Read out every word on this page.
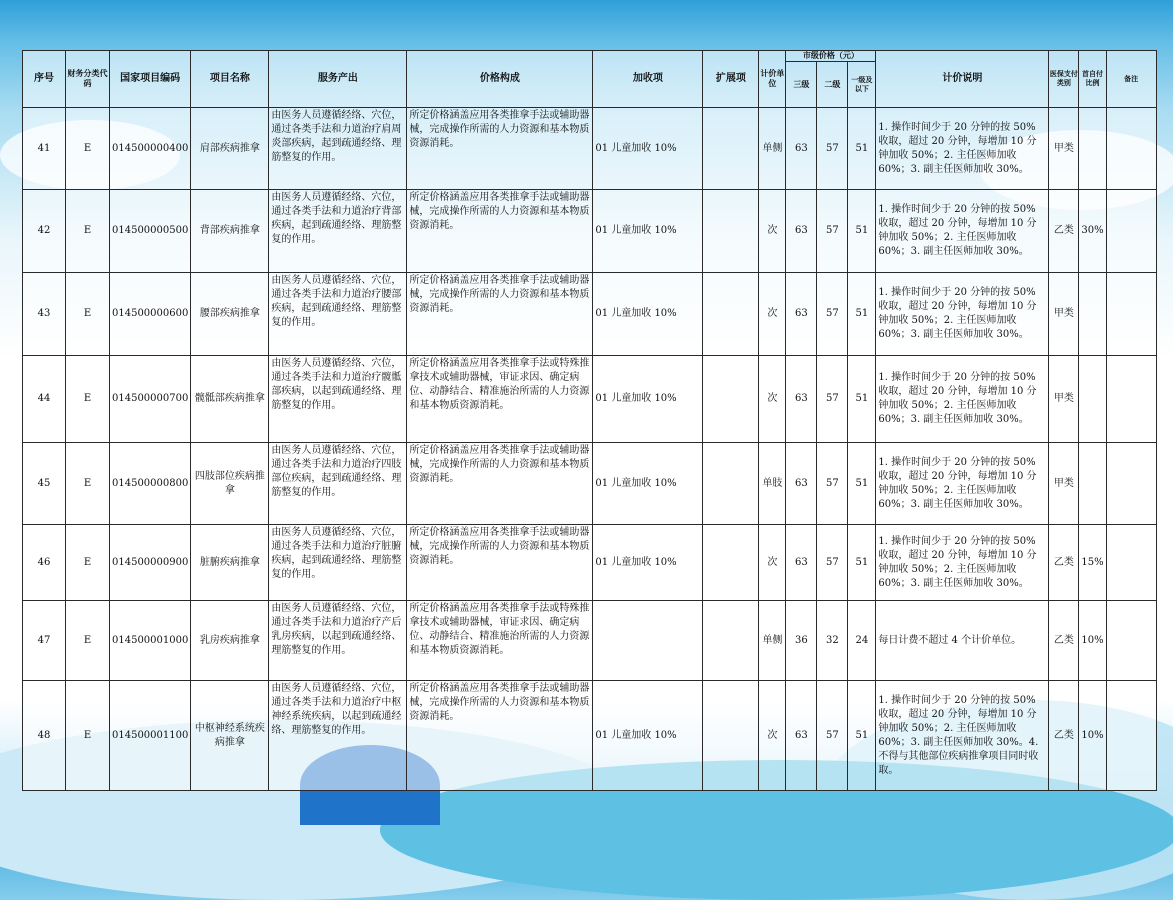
序号	财务分类代码	国家项目编码	项目名称	服务产出	价格构成	加收项	扩展项	计价单位	市级价格（元）			计价说明	医保支付类别	首自付比例	备注
									三级	二级	一级及以下				
41	E	014500000400	肩部疾病推拿	由医务人员遵循经络、穴位，通过各类手法和力道治疗肩周炎部疾病，起到疏通经络、理筋整复的作用。	所定价格涵盖应用各类推拿手法或辅助器械，完成操作所需的人力资源和基本物质资源消耗。	01 儿童加收 10%		单侧	63	57	51	1. 操作时间少于 20 分钟的按 50% 收取，超过 20 分钟，每增加 10 分钟加收 50%；2. 主任医师加收 60%；3. 副主任医师加收 30%。	甲类		
42	E	014500000500	背部疾病推拿	由医务人员遵循经络、穴位，通过各类手法和力道治疗背部疾病，起到疏通经络、理筋整复的作用。	所定价格涵盖应用各类推拿手法或辅助器械，完成操作所需的人力资源和基本物质资源消耗。	01 儿童加收 10%		次	63	57	51	1. 操作时间少于 20 分钟的按 50% 收取，超过 20 分钟，每增加 10 分钟加收 50%；2. 主任医师加收 60%；3. 副主任医师加收 30%。	乙类	30%	
43	E	014500000600	腰部疾病推拿	由医务人员遵循经络、穴位，通过各类手法和力道治疗腰部疾病，起到疏通经络、理筋整复的作用。	所定价格涵盖应用各类推拿手法或辅助器械，完成操作所需的人力资源和基本物质资源消耗。	01 儿童加收 10%		次	63	57	51	1. 操作时间少于 20 分钟的按 50% 收取，超过 20 分钟，每增加 10 分钟加收 50%；2. 主任医师加收 60%；3. 副主任医师加收 30%。	甲类		
44	E	014500000700	髋骶部疾病推拿	由医务人员遵循经络、穴位，通过各类手法和力道治疗髋骶部疾病，以起到疏通经络、理筋整复的作用。	所定价格涵盖应用各类推拿手法或特殊推拿技术或辅助器械，审证求因、确定病位、动静结合、精准施治所需的人力资源和基本物质资源消耗。	01 儿童加收 10%		次	63	57	51	1. 操作时间少于 20 分钟的按 50% 收取，超过 20 分钟，每增加 10 分钟加收 50%；2. 主任医师加收 60%；3. 副主任医师加收 30%。	甲类		
45	E	014500000800	四肢部位疾病推拿	由医务人员遵循经络、穴位，通过各类手法和力道治疗四肢部位疾病，起到疏通经络、理筋整复的作用。	所定价格涵盖应用各类推拿手法或辅助器械，完成操作所需的人力资源和基本物质资源消耗。	01 儿童加收 10%		单肢	63	57	51	1. 操作时间少于 20 分钟的按 50% 收取，超过 20 分钟，每增加 10 分钟加收 50%；2. 主任医师加收 60%；3. 副主任医师加收 30%。	甲类		
46	E	014500000900	脏腑疾病推拿	由医务人员遵循经络、穴位，通过各类手法和力道治疗脏腑疾病，起到疏通经络、理筋整复的作用。	所定价格涵盖应用各类推拿手法或辅助器械，完成操作所需的人力资源和基本物质资源消耗。	01 儿童加收 10%		次	63	57	51	1. 操作时间少于 20 分钟的按 50% 收取，超过 20 分钟，每增加 10 分钟加收 50%；2. 主任医师加收 60%；3. 副主任医师加收 30%。	乙类	15%	
47	E	014500001000	乳房疾病推拿	由医务人员遵循经络、穴位，通过各类手法和力道治疗产后乳房疾病，以起到疏通经络、理筋整复的作用。	所定价格涵盖应用各类推拿手法或特殊推拿技术或辅助器械，审证求因、确定病位、动静结合、精准施治所需的人力资源和基本物质资源消耗。			单侧	36	32	24	每日计费不超过 4 个计价单位。	乙类	10%	
48	E	014500001100	中枢神经系统疾病推拿	由医务人员遵循经络、穴位，通过各类手法和力道治疗中枢神经系统疾病，以起到疏通经络、理筋整复的作用。	所定价格涵盖应用各类推拿手法或辅助器械，完成操作所需的人力资源和基本物质资源消耗。	01 儿童加收 10%		次	63	57	51	1. 操作时间少于 20 分钟的按 50% 收取，超过 20 分钟，每增加 10 分钟加收 50%；2. 主任医师加收 60%；3. 副主任医师加收 30%。4. 不得与其他部位疾病推拿项目同时收取。	乙类	10%	
